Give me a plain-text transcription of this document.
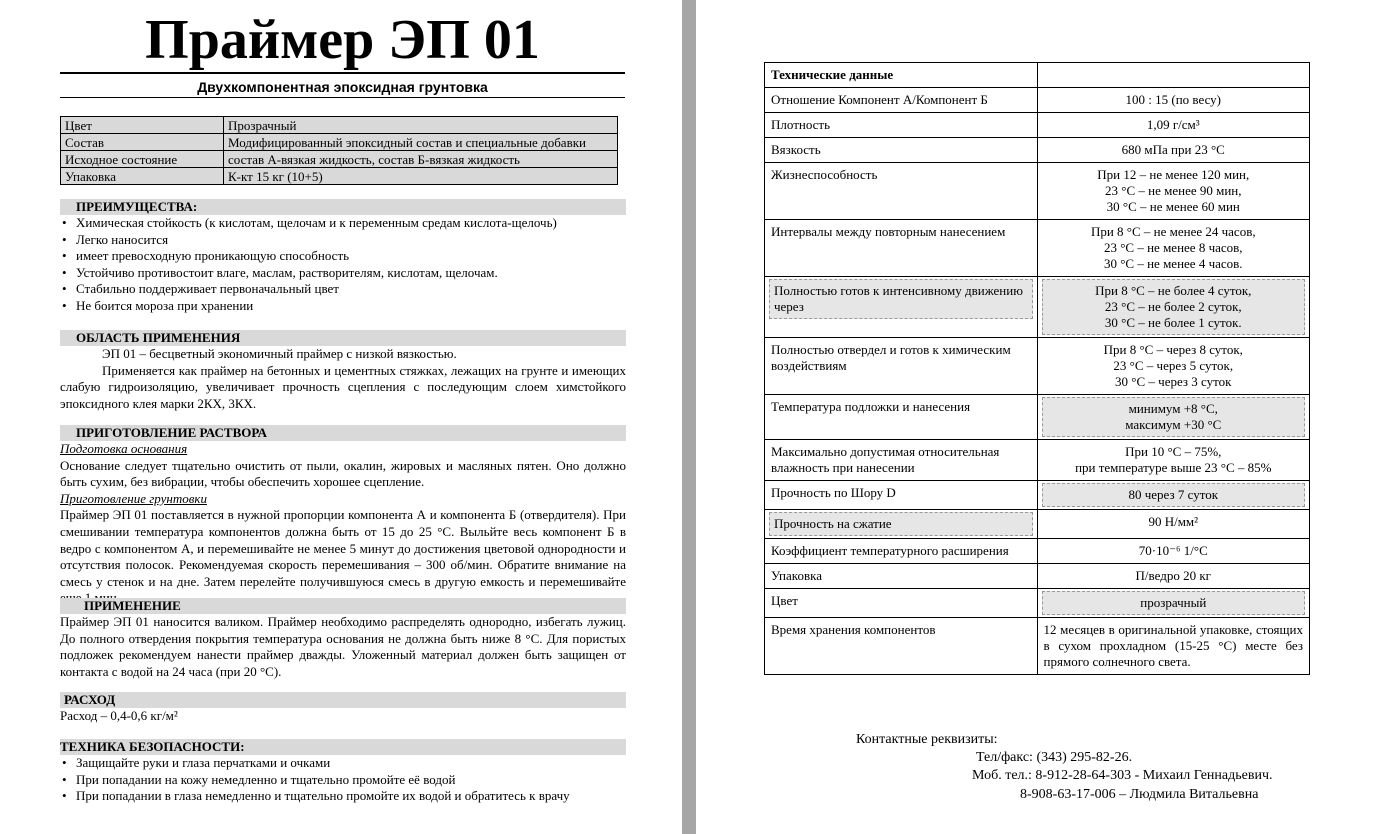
Праймер ЭП 01
Двухкомпонентная эпоксидная грунтовка
Цвет	Прозрачный
Состав	Модифицированный эпоксидный состав и специальные добавки
Исходное состояние	состав А-вязкая жидкость, состав Б-вязкая жидкость
Упаковка	К-кт 15 кг (10+5)
ПРЕИМУЩЕСТВА:
• Химическая стойкость (к кислотам, щелочам и к переменным средам кислота-щелочь)
• Легко наносится
• имеет превосходную проникающую способность
• Устойчиво противостоит влаге, маслам, растворителям, кислотам, щелочам.
• Стабильно поддерживает первоначальный цвет
• Не боится мороза при хранении
ОБЛАСТЬ ПРИМЕНЕНИЯ

ЭП 01 – бесцветный экономичный праймер с низкой вязкостью.

Применяется как праймер на бетонных и цементных стяжках, лежащих на грунте и имеющих слабую гидроизоляцию, увеличивает прочность сцепления с последующим слоем химстойкого эпоксидного клея марки 2КХ, 3КХ.

ПРИГОТОВЛЕНИЕ РАСТВОРА

Подготовка основания

Основание следует тщательно очистить от пыли, окалин, жировых и масляных пятен. Оно должно быть сухим, без вибрации, чтобы обеспечить хорошее сцепление.

Приготовление грунтовки

Праймер ЭП 01 поставляется в нужной пропорции компонента А и компонента Б (отвердителя). При смешивании температура компонентов должна быть от 15 до 25 °С. Выльйте весь компонент Б в ведро с компонентом А, и перемешивайте не менее 5 минут до достижения цветовой однородности и отсутствия полосок. Рекомендуемая скорость перемешивания – 300 об/мин. Обратите внимание на смесь у стенок и на дне. Затем перелейте получившуюся смесь в другую емкость и перемешивайте

ПРИМЕНЕНИЕ

Праймер ЭП 01 наносится валиком. Праймер необходимо распределять однородно, избегать лужиц. До полного отвердения покрытия температура основания не должна быть ниже 8 °С. Для пористых подложек рекомендуем нанести праймер дважды. Уложенный материал должен быть защищен от контакта с водой на 24 часа (при 20 °С).

РАСХОД

Расход – 0,4-0,6 кг/м²

ТЕХНИКА БЕЗОПАСНОСТИ:
• Защищайте руки и глаза перчатками и очками
• При попадании на кожу немедленно и тщательно промойте её водой
• При попадании в глаза немедленно и тщательно промойте их водой и обратитесь к врачу
Технические данные	

Отношение Компонент А/Компонент Б	100 : 15 (по весу)

Плотность	1,09 г/см³

Вязкость	680 мПа при 23 °С

Жизнеспособность	При 12 – не менее 120 мин,
23 °С – не менее 90 мин,
30 °С – не менее 60 мин

Интервалы между повторным нанесением	При 8 °С – не менее 24 часов,
23 °С – не менее 8 часов,
30 °С – не менее 4 часов.

Полностью готов к интенсивному движению через	При 8 °С – не более 4 суток,
23 °С – не более 2 суток,
30 °С – не более 1 суток.

Полностью отвердел и готов к химическим воздействиям	При 8 °С – через 8 суток,
23 °С – через 5 суток,
30 °С – через 3 суток

Температура подложки и нанесения	минимум +8 °С,
максимум +30 °С

Максимально допустимая относительная влажность при нанесении	При 10 °С – 75%,
при температуре выше 23 °С – 85%

Прочность по Шору D	80 через 7 суток

Прочность на сжатие	90 Н/мм²

Коэффициент температурного расширения	70·10⁻⁶ 1/°С

Упаковка	П/ведро 20 кг

Цвет	прозрачный

Время хранения компонентов	12 месяцев в оригинальной упаковке, стоящих в сухом прохладном (15-25 °С) месте без прямого солнечного света.
Контактные реквизиты:
Тел/факс: (343) 295-82-26.
Моб. тел.: 8-912-28-64-303 - Михаил Геннадьевич.
8-908-63-17-006 – Людмила Витальевна
